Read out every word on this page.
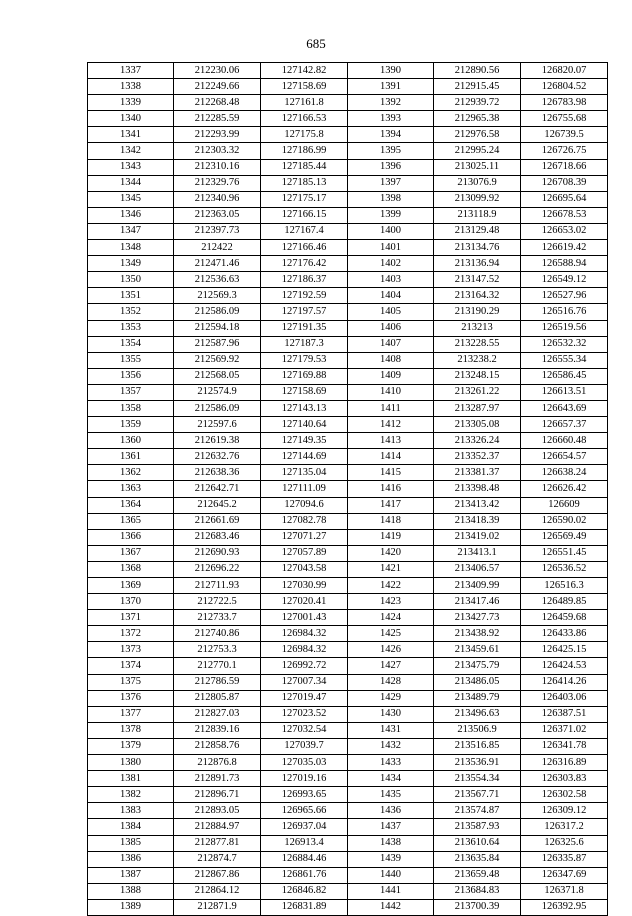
685
1337	212230.06	127142.82	1390	212890.56	126820.07
1338	212249.66	127158.69	1391	212915.45	126804.52
1339	212268.48	127161.8	1392	212939.72	126783.98
1340	212285.59	127166.53	1393	212965.38	126755.68
1341	212293.99	127175.8	1394	212976.58	126739.5
1342	212303.32	127186.99	1395	212995.24	126726.75
1343	212310.16	127185.44	1396	213025.11	126718.66
1344	212329.76	127185.13	1397	213076.9	126708.39
1345	212340.96	127175.17	1398	213099.92	126695.64
1346	212363.05	127166.15	1399	213118.9	126678.53
1347	212397.73	127167.4	1400	213129.48	126653.02
1348	212422	127166.46	1401	213134.76	126619.42
1349	212471.46	127176.42	1402	213136.94	126588.94
1350	212536.63	127186.37	1403	213147.52	126549.12
1351	212569.3	127192.59	1404	213164.32	126527.96
1352	212586.09	127197.57	1405	213190.29	126516.76
1353	212594.18	127191.35	1406	213213	126519.56
1354	212587.96	127187.3	1407	213228.55	126532.32
1355	212569.92	127179.53	1408	213238.2	126555.34
1356	212568.05	127169.88	1409	213248.15	126586.45
1357	212574.9	127158.69	1410	213261.22	126613.51
1358	212586.09	127143.13	1411	213287.97	126643.69
1359	212597.6	127140.64	1412	213305.08	126657.37
1360	212619.38	127149.35	1413	213326.24	126660.48
1361	212632.76	127144.69	1414	213352.37	126654.57
1362	212638.36	127135.04	1415	213381.37	126638.24
1363	212642.71	127111.09	1416	213398.48	126626.42
1364	212645.2	127094.6	1417	213413.42	126609
1365	212661.69	127082.78	1418	213418.39	126590.02
1366	212683.46	127071.27	1419	213419.02	126569.49
1367	212690.93	127057.89	1420	213413.1	126551.45
1368	212696.22	127043.58	1421	213406.57	126536.52
1369	212711.93	127030.99	1422	213409.99	126516.3
1370	212722.5	127020.41	1423	213417.46	126489.85
1371	212733.7	127001.43	1424	213427.73	126459.68
1372	212740.86	126984.32	1425	213438.92	126433.86
1373	212753.3	126984.32	1426	213459.61	126425.15
1374	212770.1	126992.72	1427	213475.79	126424.53
1375	212786.59	127007.34	1428	213486.05	126414.26
1376	212805.87	127019.47	1429	213489.79	126403.06
1377	212827.03	127023.52	1430	213496.63	126387.51
1378	212839.16	127032.54	1431	213506.9	126371.02
1379	212858.76	127039.7	1432	213516.85	126341.78
1380	212876.8	127035.03	1433	213536.91	126316.89
1381	212891.73	127019.16	1434	213554.34	126303.83
1382	212896.71	126993.65	1435	213567.71	126302.58
1383	212893.05	126965.66	1436	213574.87	126309.12
1384	212884.97	126937.04	1437	213587.93	126317.2
1385	212877.81	126913.4	1438	213610.64	126325.6
1386	212874.7	126884.46	1439	213635.84	126335.87
1387	212867.86	126861.76	1440	213659.48	126347.69
1388	212864.12	126846.82	1441	213684.83	126371.8
1389	212871.9	126831.89	1442	213700.39	126392.95
